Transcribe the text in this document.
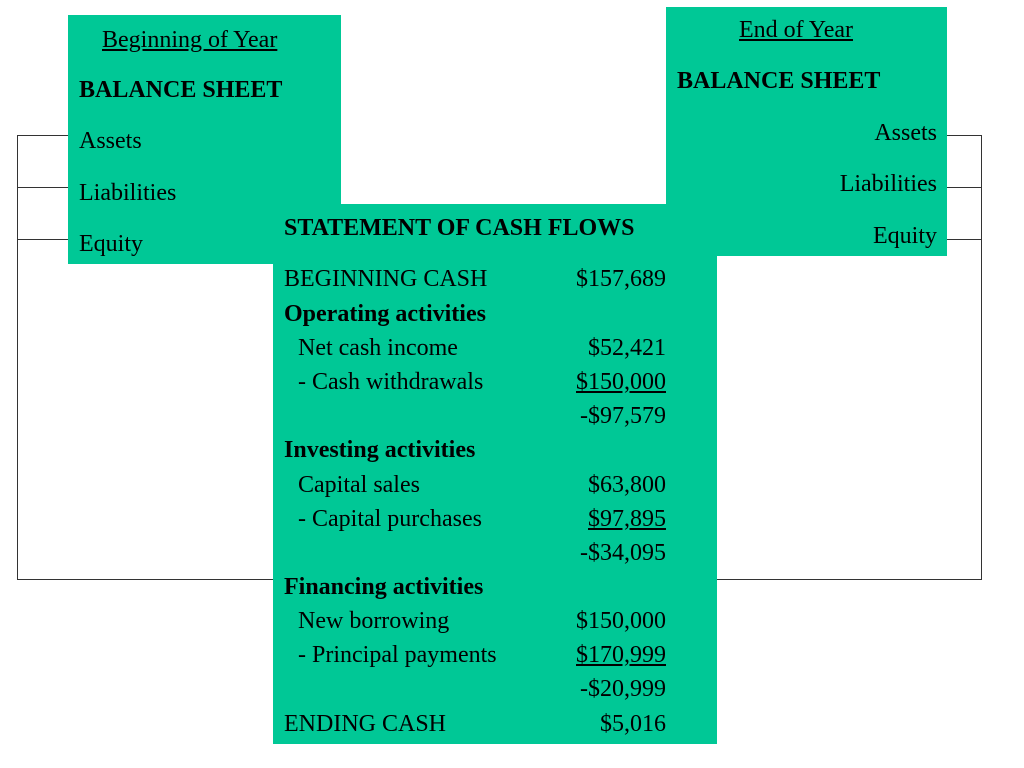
Beginning of Year
BALANCE SHEET
Assets
Liabilities
Equity
End of Year
BALANCE SHEET
Assets
Liabilities
Equity
STATEMENT OF CASH FLOWS
BEGINNING CASH	$157,689
Operating activities
Net cash income	$52,421
- Cash withdrawals	$150,000
-$97,579
Investing activities
Capital sales	$63,800
- Capital purchases	$97,895
-$34,095
Financing activities
New borrowing	$150,000
- Principal payments	$170,999
-$20,999
ENDING CASH	$5,016
